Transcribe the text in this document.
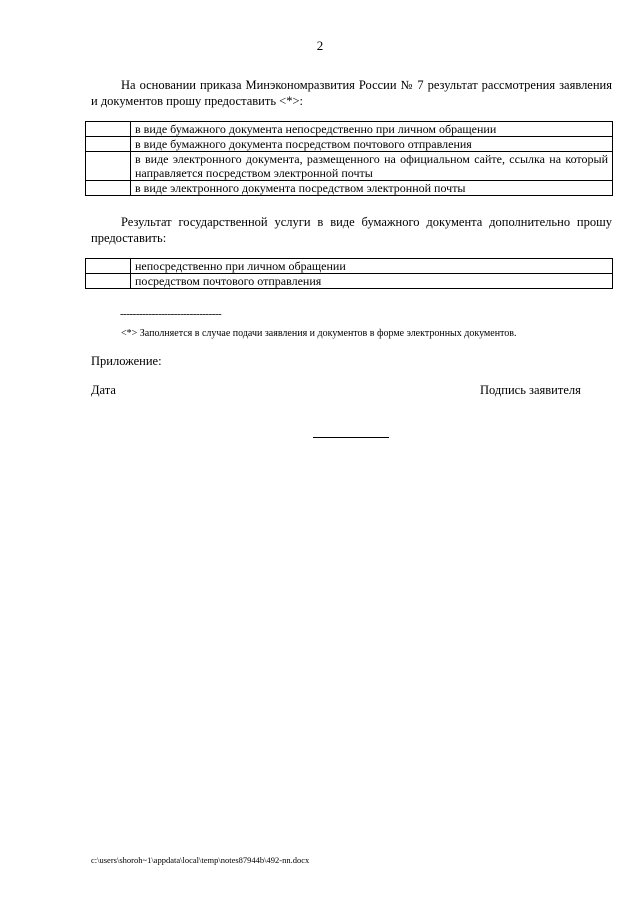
2
На основании приказа Минэкономразвития России № 7 результат рассмотрения заявления и документов прошу предоставить <*>:
	в виде бумажного документа непосредственно при личном обращении
	в виде бумажного документа посредством почтового отправления
	в виде электронного документа, размещенного на официальном сайте, ссылка на который направляется посредством электронной почты
	в виде электронного документа посредством электронной почты
Результат государственной услуги в виде бумажного документа дополнительно прошу предоставить:
	непосредственно при личном обращении
	посредством почтового отправления
--------------------------------
<*> Заполняется в случае подачи заявления и документов в форме электронных документов.
Приложение:
Дата	Подпись заявителя
c:\users\shoroh~1\appdata\local\temp\notes87944b\492-nn.docx
